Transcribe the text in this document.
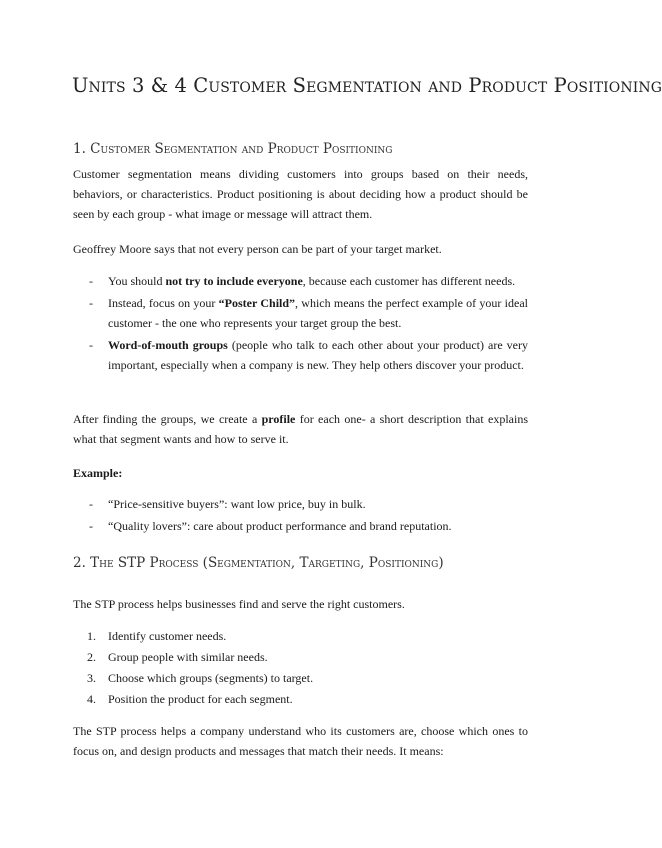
Units 3 & 4 Customer Segmentation and Product Positioning
1. Customer Segmentation and Product Positioning

Customer segmentation means dividing customers into groups based on their needs, behaviors, or characteristics. Product positioning is about deciding how a product should be seen by each group - what image or message will attract them.

Geoffrey Moore says that not every person can be part of your target market.

- You should not try to include everyone, because each customer has different needs.
- Instead, focus on your “Poster Child”, which means the perfect example of your ideal customer - the one who represents your target group the best.
- Word-of-mouth groups (people who talk to each other about your product) are very important, especially when a company is new. They help others discover your product.

After finding the groups, we create a profile for each one- a short description that explains what that segment wants and how to serve it.

Example:

- “Price-sensitive buyers”: want low price, buy in bulk.
- “Quality lovers”: care about product performance and brand reputation.
2. The STP Process (Segmentation, Targeting, Positioning)

The STP process helps businesses find and serve the right customers.

1. Identify customer needs.
2. Group people with similar needs.
3. Choose which groups (segments) to target.
4. Position the product for each segment.

The STP process helps a company understand who its customers are, choose which ones to focus on, and design products and messages that match their needs. It means:
